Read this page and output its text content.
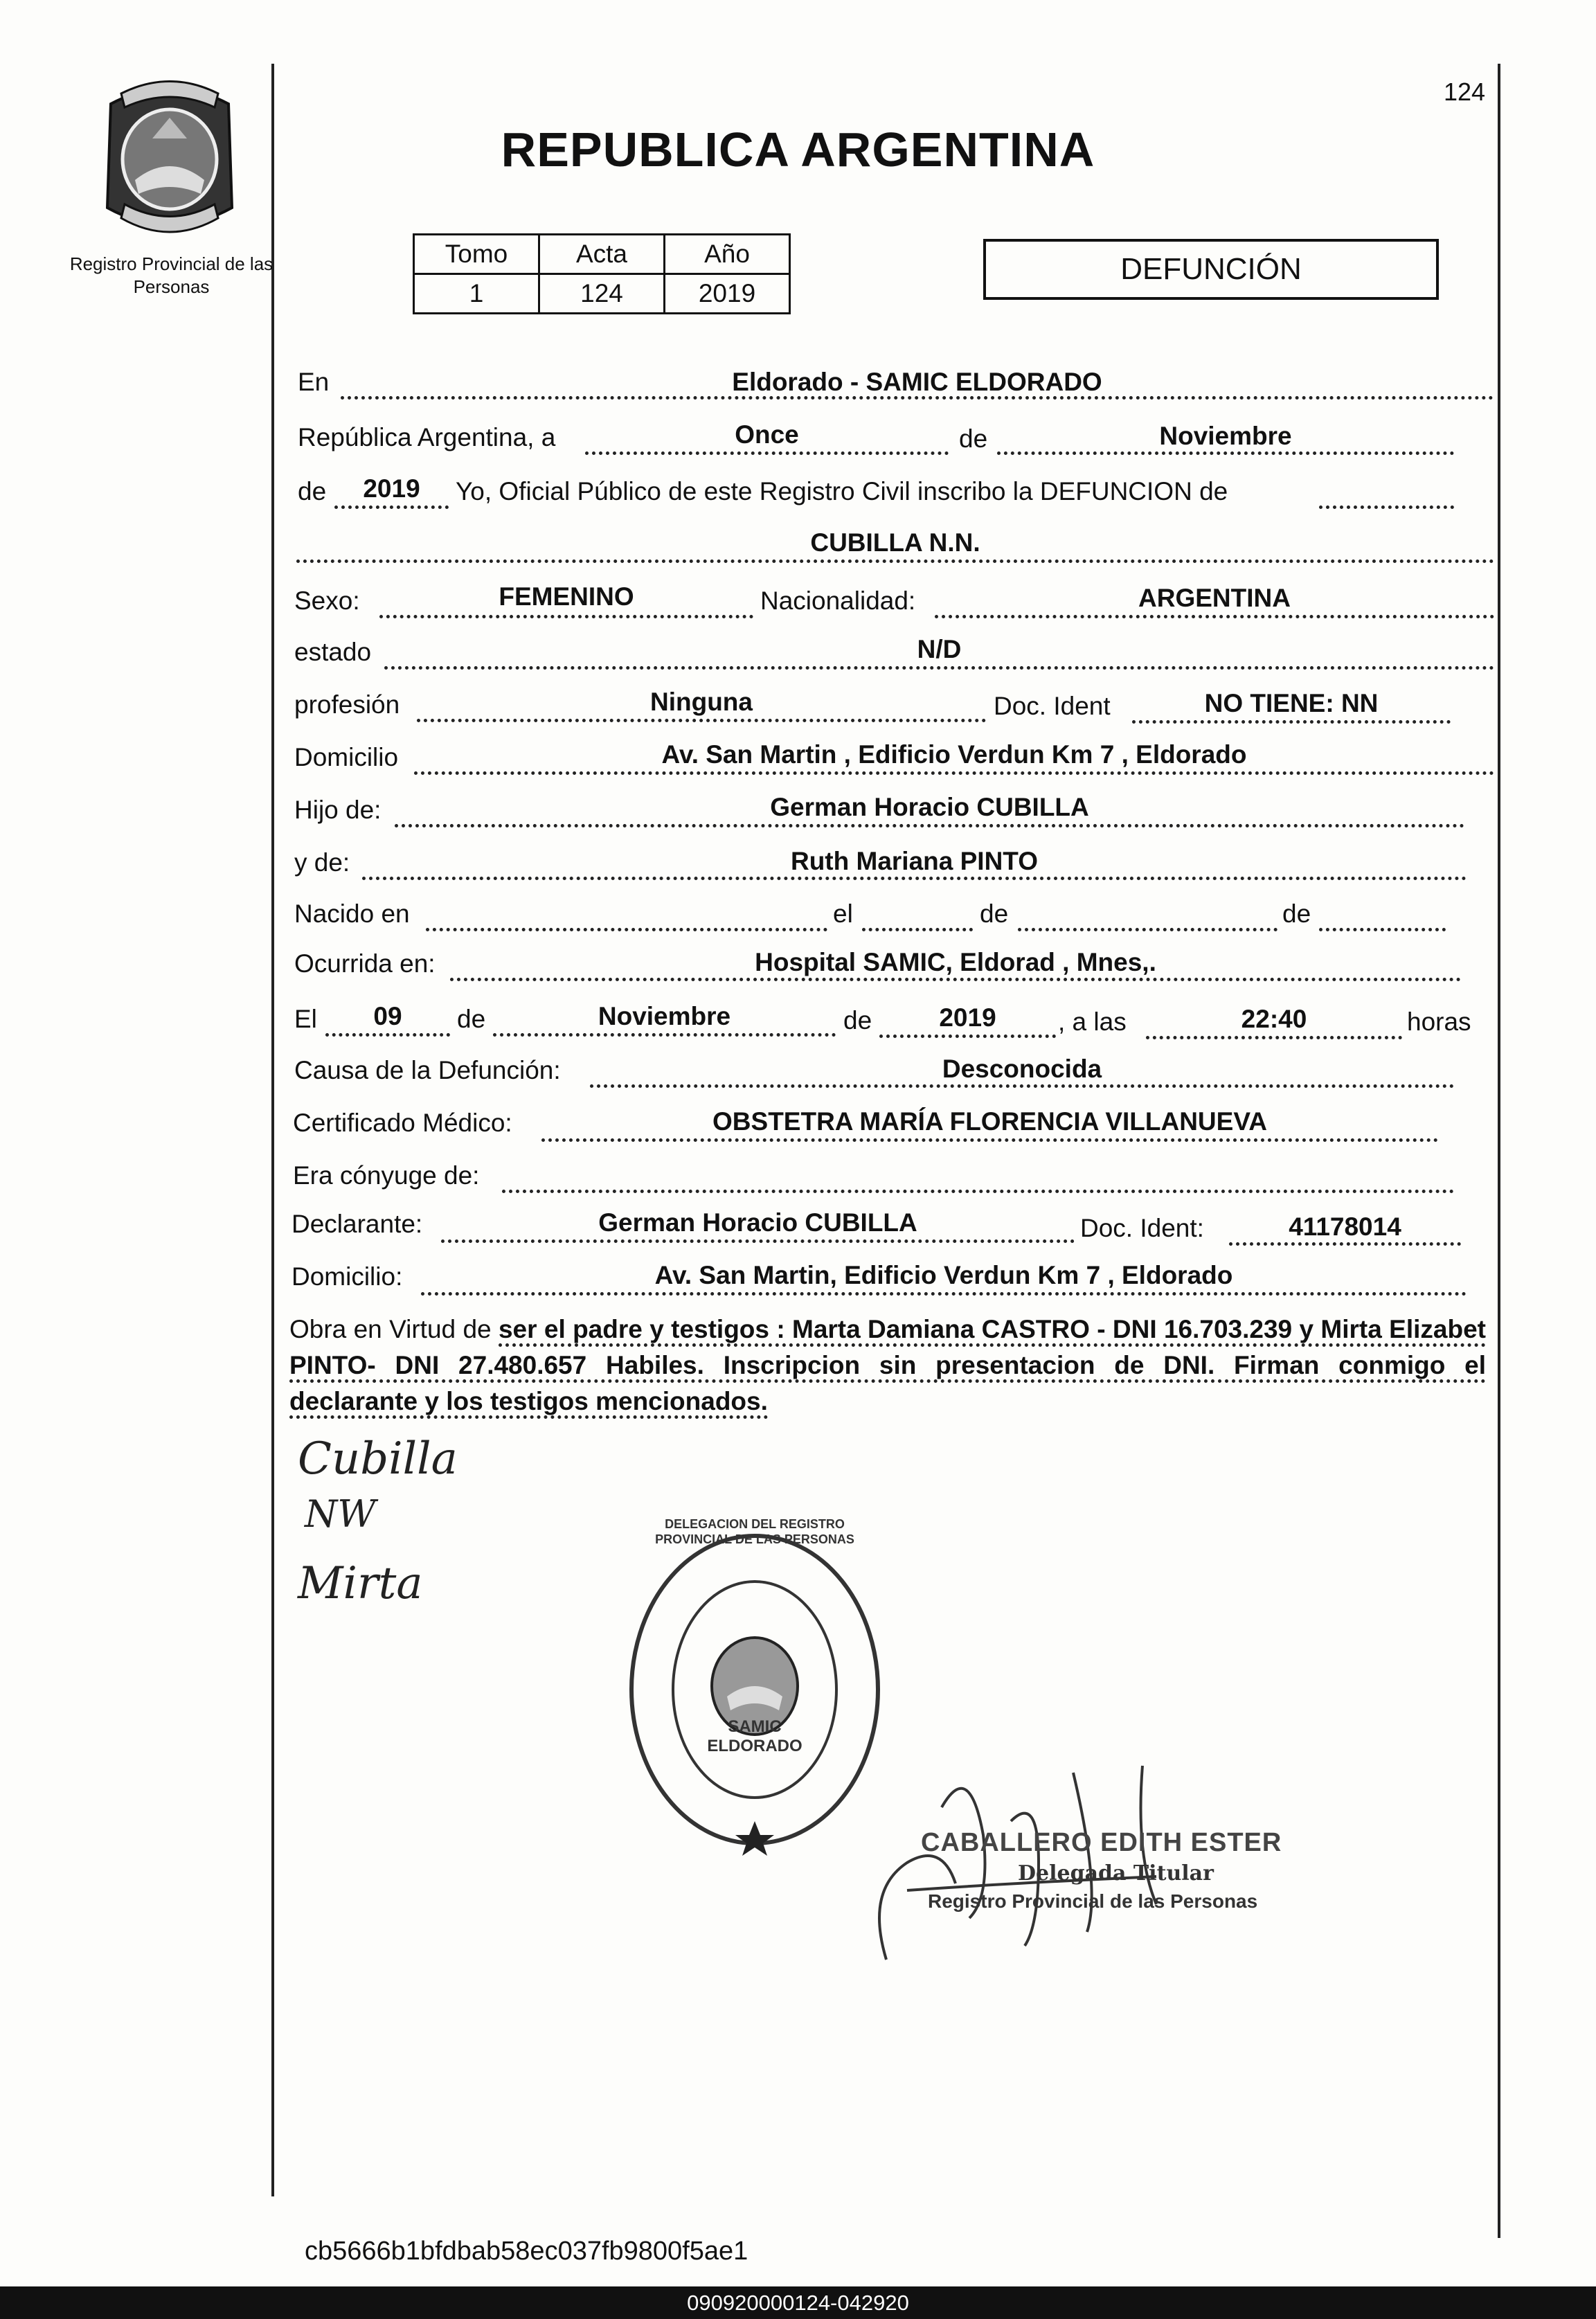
124
Registro Provincial de las Personas
REPUBLICA ARGENTINA
Tomo	Acta	Año
1	124	2019
DEFUNCIÓN
En	Eldorado - SAMIC ELDORADO
República Argentina, a	Once	de	Noviembre
de	2019	Yo, Oficial Público de este Registro Civil inscribo la DEFUNCION de
CUBILLA N.N.
Sexo:	FEMENINO	Nacionalidad:	ARGENTINA
estado	N/D
profesión	Ninguna	Doc. Ident	NO TIENE: NN
Domicilio	Av. San Martin , Edificio Verdun Km 7 , Eldorado
Hijo de:	German Horacio CUBILLA
y de:	Ruth Mariana PINTO
Nacido en	el	de	de
Ocurrida en:	Hospital SAMIC, Eldorad , Mnes,.
El	09	de	Noviembre	de	2019	, a las	22:40	horas
Causa de la Defunción:	Desconocida
Certificado Médico:	OBSTETRA MARÍA FLORENCIA VILLANUEVA
Era cónyuge de:
Declarante:	German Horacio CUBILLA	Doc. Ident:	41178014
Domicilio:	Av. San Martin, Edificio Verdun Km 7 , Eldorado
Obra en Virtud de ser el padre y testigos : Marta Damiana CASTRO - DNI 16.703.239 y Mirta Elizabet PINTO- DNI 27.480.657 Habiles. Inscripcion sin presentacion de DNI. Firman conmigo el declarante y los testigos mencionados.
Cubilla
NW
Mirta
DELEGACION DEL REGISTRO PROVINCIAL DE LAS PERSONAS
SAMIC ELDORADO
CABALLERO EDITH ESTER
Delegada Titular
Registro Provincial de las Personas
cb5666b1bfdbab58ec037fb9800f5ae1
090920000124-042920
